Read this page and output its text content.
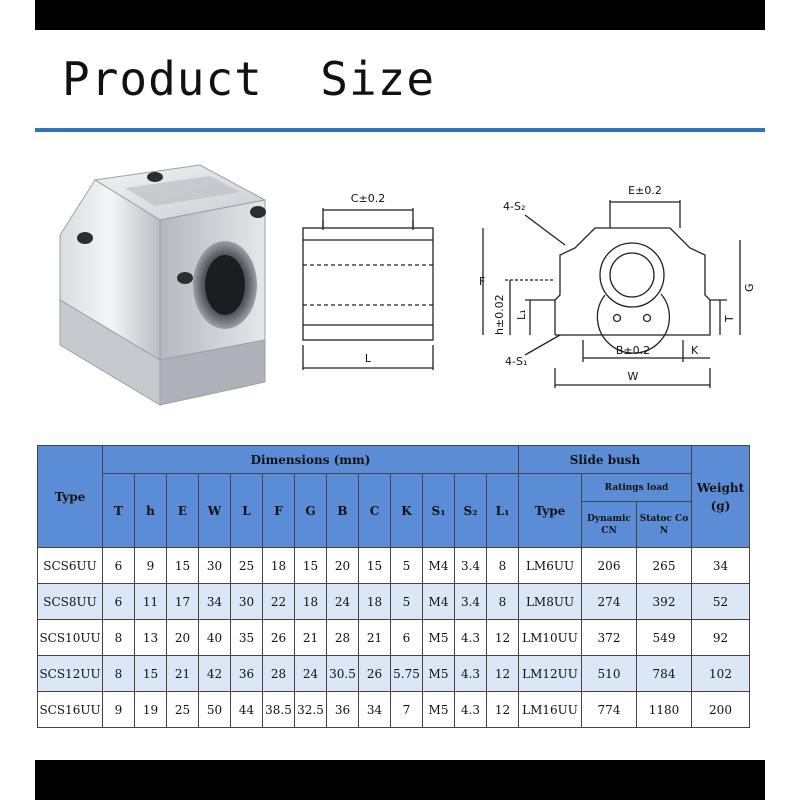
Product  Size
C±0.2
L
E±0.2
4-S₂
F
h±0.02 L₁
4-S₁
B±0.2	K
W
T
G
Type	Dimensions (mm)													Slide bush			Weight (g)
	T	h	E	W	L	F	G	B	C	K	S₁	S₂	L₁	Type	Ratings load		
															Dynamic CN	Statoc Co N	
SCS6UU	6	9	15	30	25	18	15	20	15	5	M4	3.4	8	LM6UU	206	265	34
SCS8UU	6	11	17	34	30	22	18	24	18	5	M4	3.4	8	LM8UU	274	392	52
SCS10UU	8	13	20	40	35	26	21	28	21	6	M5	4.3	12	LM10UU	372	549	92
SCS12UU	8	15	21	42	36	28	24	30.5	26	5.75	M5	4.3	12	LM12UU	510	784	102
SCS16UU	9	19	25	50	44	38.5	32.5	36	34	7	M5	4.3	12	LM16UU	774	1180	200
